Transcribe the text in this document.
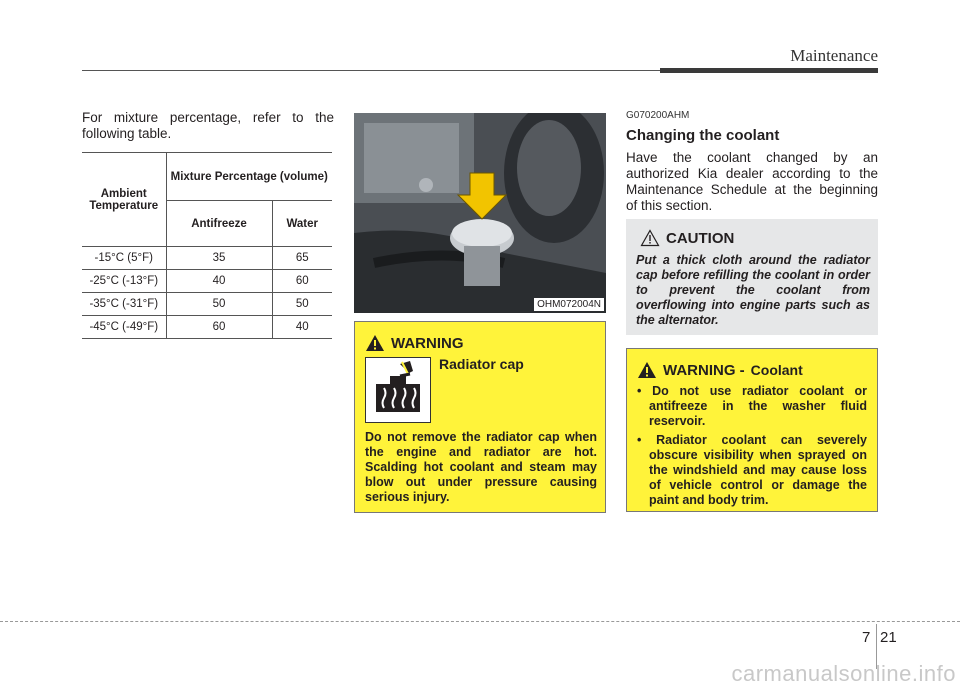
Maintenance

For mixture percentage, refer to the following table.

Ambient Temperature	Mixture Percentage (volume)	
	Antifreeze	Water
-15°C (5°F)	35	65
-25°C (-13°F)	40	60
-35°C (-31°F)	50	50
-45°C (-49°F)	60	40
OHM072004N
WARNING
Radiator cap
Do not remove the radiator cap when the engine and radiator are hot. Scalding hot coolant and steam may blow out under pressure causing serious injury.
G070200AHM
Changing the coolant

Have the coolant changed by an authorized Kia dealer according to the Maintenance Schedule at the beginning of this section.

CAUTION

Put a thick cloth around the radiator cap before refilling the coolant in order to prevent the coolant from overflowing into engine parts such as the alternator.

WARNING - Coolant
• Do not use radiator coolant or antifreeze in the washer fluid reservoir.
• Radiator coolant can severely obscure visibility when sprayed on the windshield and may cause loss of vehicle control or damage the paint and body trim.
7 21
carmanualsonline.info
